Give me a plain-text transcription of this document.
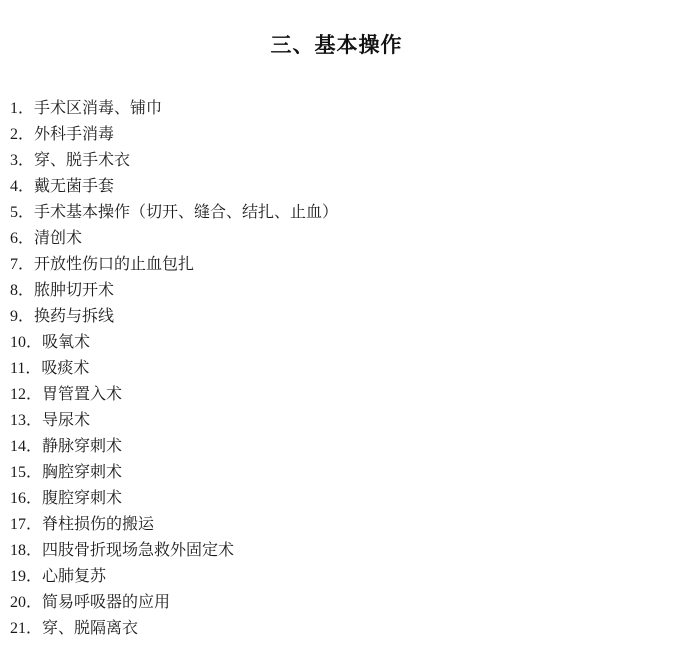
三、基本操作
1．手术区消毒、铺巾
2．外科手消毒
3．穿、脱手术衣
4．戴无菌手套
5．手术基本操作（切开、缝合、结扎、止血）
6．清创术
7．开放性伤口的止血包扎
8．脓肿切开术
9．换药与拆线
10．吸氧术
11．吸痰术
12．胃管置入术
13．导尿术
14．静脉穿刺术
15．胸腔穿刺术
16．腹腔穿刺术
17．脊柱损伤的搬运
18．四肢骨折现场急救外固定术
19．心肺复苏
20．简易呼吸器的应用
21．穿、脱隔离衣
